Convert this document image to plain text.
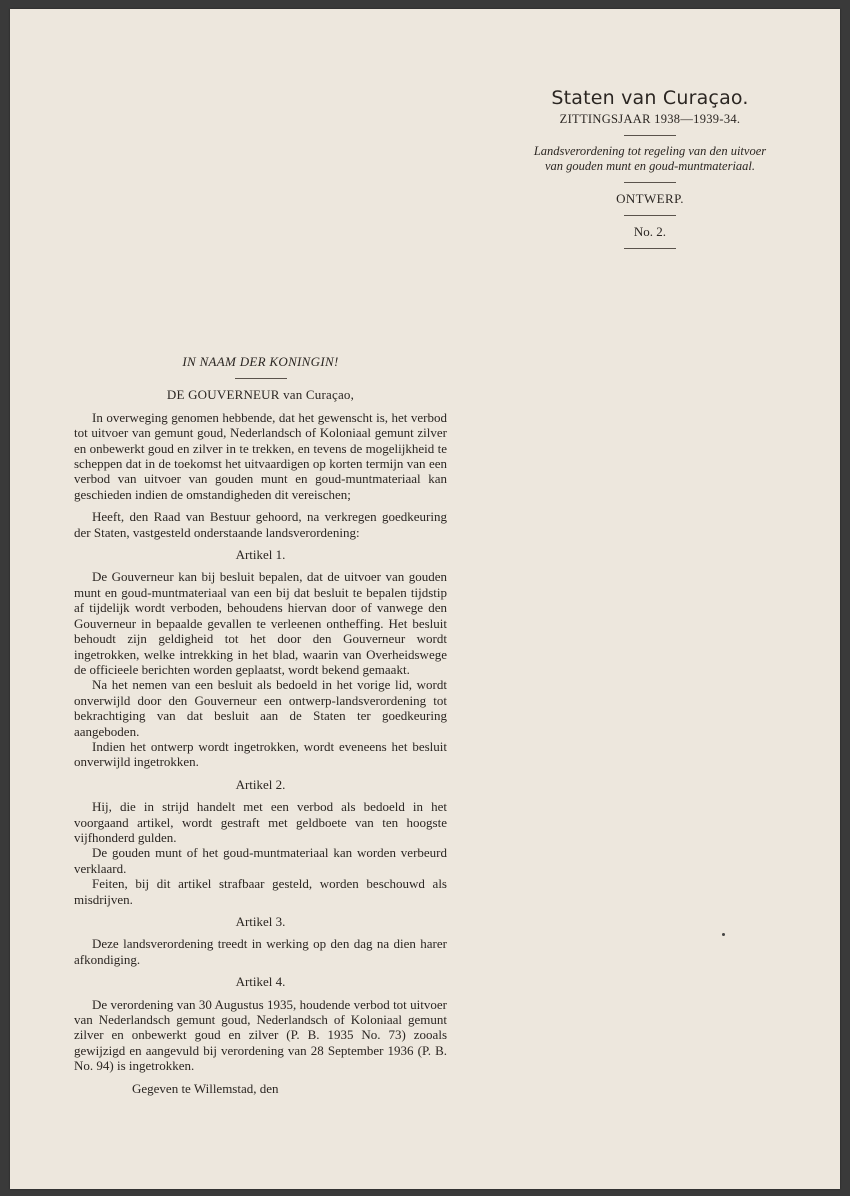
Staten van Curaçao.
ZITTINGSJAAR 1938—1939-34.
Landsverordening tot regeling van den uitvoer
van gouden munt en goud-muntmateriaal.
ONTWERP.
No. 2.
IN NAAM DER KONINGIN!
DE GOUVERNEUR van Curaçao,

In overweging genomen hebbende, dat het gewenscht is, het verbod tot uitvoer van gemunt goud, Nederlandsch of Koloniaal gemunt zilver en onbewerkt goud en zilver in te trekken, en tevens de mogelijkheid te scheppen dat in de toekomst het uitvaardigen op korten termijn van een verbod van uitvoer van gouden munt en goud-muntmateriaal kan geschieden indien de omstandigheden dit vereischen;

Heeft, den Raad van Bestuur gehoord, na verkregen goedkeuring der Staten, vastgesteld onderstaande landsverordening:

Artikel 1.

De Gouverneur kan bij besluit bepalen, dat de uitvoer van gouden munt en goud-muntmateriaal van een bij dat besluit te bepalen tijdstip af tijdelijk wordt verboden, behoudens hiervan door of vanwege den Gouverneur in bepaalde gevallen te verleenen ontheffing. Het besluit behoudt zijn geldigheid tot het door den Gouverneur wordt ingetrokken, welke intrekking in het blad, waarin van Overheidswege de officieele berichten worden geplaatst, wordt bekend gemaakt.

Na het nemen van een besluit als bedoeld in het vorige lid, wordt onverwijld door den Gouverneur een ontwerp-landsverordening tot bekrachtiging van dat besluit aan de Staten ter goedkeuring aangeboden.

Indien het ontwerp wordt ingetrokken, wordt eveneens het besluit onverwijld ingetrokken.

Artikel 2.

Hij, die in strijd handelt met een verbod als bedoeld in het voorgaand artikel, wordt gestraft met geldboete van ten hoogste vijfhonderd gulden.

De gouden munt of het goud-muntmateriaal kan worden verbeurd verklaard.

Feiten, bij dit artikel strafbaar gesteld, worden beschouwd als misdrijven.

Artikel 3.

Deze landsverordening treedt in werking op den dag na dien harer afkondiging.

Artikel 4.

De verordening van 30 Augustus 1935, houdende verbod tot uitvoer van Nederlandsch gemunt goud, Nederlandsch of Koloniaal gemunt zilver en onbewerkt goud en zilver (P. B. 1935 No. 73) zooals gewijzigd en aangevuld bij verordening van 28 September 1936 (P. B. No. 94) is ingetrokken.

Gegeven te Willemstad, den
